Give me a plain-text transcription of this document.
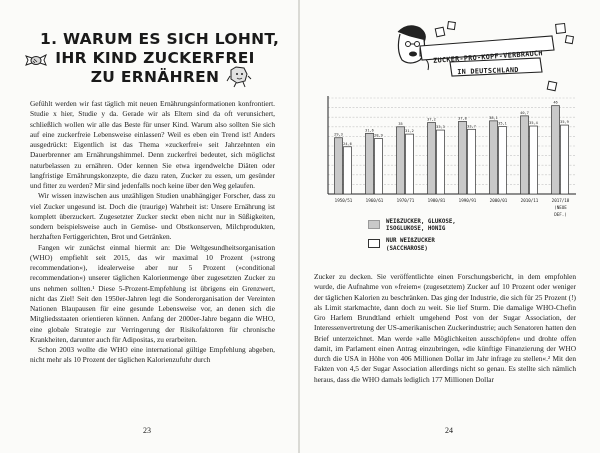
1. WARUM ES SICH LOHNT,
IHR KIND ZUCKERFREI
ZU ERNÄHREN

Gefühlt werden wir fast täglich mit neuen Ernährungsinformationen konfrontiert. Studie x hier, Studie y da. Gerade wir als Eltern sind da oft verunsichert, schließlich wollen wir alle das Beste für unser Kind. Warum also sollten Sie sich auf eine zuckerfreie Lebensweise einlassen? Weil es eben ein Trend ist! Anders ausgedrückt: Eigentlich ist das Thema »zuckerfrei« seit Jahrzehnten ein Dauerbrenner am Ernährungshimmel. Denn zuckerfrei bedeutet, sich möglichst naturbelassen zu ernähren. Oder kennen Sie etwa irgendwelche Diäten oder langfristige Ernährungskonzepte, die dazu raten, Zucker zu essen, um gesünder und fitter zu werden? Mir sind jedenfalls noch keine über den Weg gelaufen.

Wir wissen inzwischen aus unzähligen Studien unabhängiger Forscher, dass zu viel Zucker ungesund ist. Doch die (traurige) Wahrheit ist: Unsere Ernährung ist komplett überzuckert. Zugesetzter Zucker steckt eben nicht nur in Süßigkeiten, sondern beispielsweise auch in Gemüse- und Obstkonserven, Milchprodukten, herzhaften Fertiggerichten, Brot und Getränken.

Fangen wir zunächst einmal hiermit an: Die Weltgesundheitsorganisation (WHO) empfiehlt seit 2015, das wir maximal 10 Prozent (»strong recommendation«), idealerweise aber nur 5 Prozent (»conditional recommendation«) unserer täglichen Kalorienmenge über zugesetzten Zucker zu uns nehmen sollten.¹ Diese 5-Prozent-Empfehlung ist übrigens ein Grenzwert, nicht das Ziel! Seit den 1950er-Jahren legt die Sonderorganisation der Vereinten Nationen Blaupausen für eine gesunde Lebensweise vor, an denen sich die Mitgliedsstaaten orientieren können. Anfang der 2000er-Jahre begann die WHO, eine globale Strategie zur Verringerung der Risikofaktoren für chronische Krankheiten, darunter auch für Adipositas, zu erarbeiten.

Schon 2003 wollte die WHO eine international gültige Empfehlung abgeben, nicht mehr als 10 Prozent der täglichen Kalorienzufuhr durch

23
ZUCKER-PRO-KOPF-VERBRAUCH
IN DEUTSCHLAND
29,3
24,6
1950/51
31,6
28,9
1960/61
35
31,2
1970/71
37,2
33,3
1980/81
37,8
33,7
1990/91
38,1
35,1
2000/01
40,7
35,4
2010/11
46
35,9
2017/18
(NEUE
DEF.)
WEIßZUCKER, GLUKOSE,
ISOGLUKOSE, HONIG
NUR WEIßZUCKER
(SACCHAROSE)

Zucker zu decken. Sie veröffentlichte einen Forschungsbericht, in dem empfohlen wurde, die Aufnahme von »freiem« (zugesetztem) Zucker auf 10 Prozent oder weniger der täglichen Kalorien zu beschränken. Das ging der Industrie, die sich für 25 Prozent (!) als Limit starkmachte, dann doch zu weit. Sie lief Sturm. Die damalige WHO-Chefin Gro Harlem Brundtland erhielt umgehend Post von der Sugar Association, der Interessenvertretung der US-amerikanischen Zuckerindustrie; auch Senatoren hatten den Brief unterzeichnet. Man werde »alle Möglichkeiten ausschöpfen« und drohte offen damit, im Parlament einen Antrag einzubringen, »die künftige Finanzierung der WHO durch die USA in Höhe von 406 Millionen Dollar im Jahr infrage zu stellen«.² Mit den Fakten von 4,5 der Sugar Association allerdings nicht so genau. Es stellte sich nämlich heraus, dass die WHO damals lediglich 177 Millionen Dollar

24
